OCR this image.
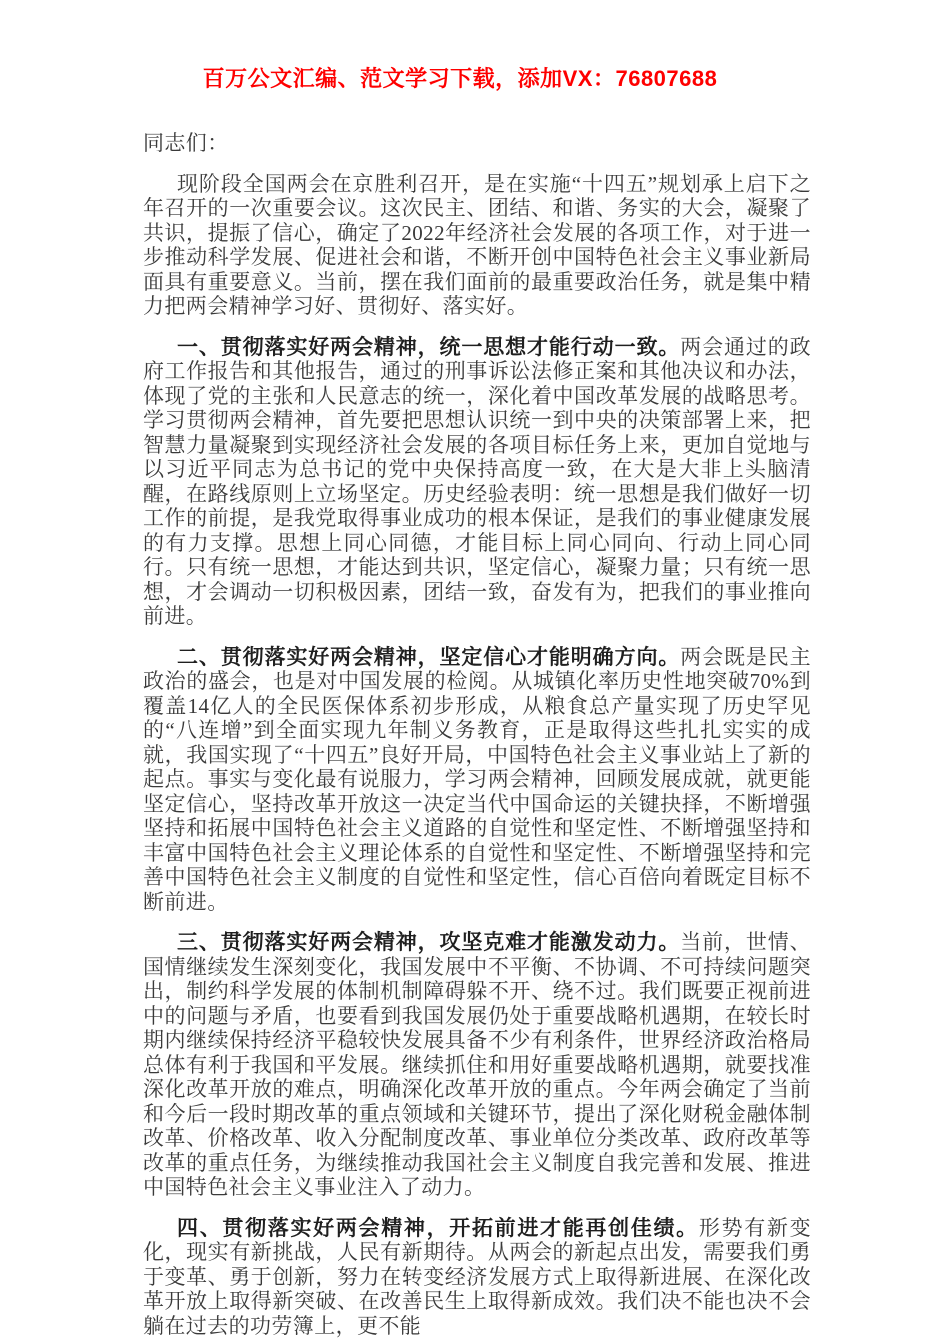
百万公文汇编、范文学习下载，添加VX：76807688

同志们：

现阶段全国两会在京胜利召开，是在实施“十四五”规划承上启下之年召开的一次重要会议。这次民主、团结、和谐、务实的大会，凝聚了共识，提振了信心，确定了2022年经济社会发展的各项工作，对于进一步推动科学发展、促进社会和谐，不断开创中国特色社会主义事业新局面具有重要意义。当前，摆在我们面前的最重要政治任务，就是集中精力把两会精神学习好、贯彻好、落实好。

一、贯彻落实好两会精神，统一思想才能行动一致。两会通过的政府工作报告和其他报告，通过的刑事诉讼法修正案和其他决议和办法，体现了党的主张和人民意志的统一，深化着中国改革发展的战略思考。学习贯彻两会精神，首先要把思想认识统一到中央的决策部署上来，把智慧力量凝聚到实现经济社会发展的各项目标任务上来，更加自觉地与以习近平同志为总书记的党中央保持高度一致，在大是大非上头脑清醒，在路线原则上立场坚定。历史经验表明：统一思想是我们做好一切工作的前提，是我党取得事业成功的根本保证，是我们的事业健康发展的有力支撑。思想上同心同德，才能目标上同心同向、行动上同心同行。只有统一思想，才能达到共识，坚定信心，凝聚力量；只有统一思想，才会调动一切积极因素，团结一致，奋发有为，把我们的事业推向前进。

二、贯彻落实好两会精神，坚定信心才能明确方向。两会既是民主政治的盛会，也是对中国发展的检阅。从城镇化率历史性地突破70%到覆盖14亿人的全民医保体系初步形成，从粮食总产量实现了历史罕见的“八连增”到全面实现九年制义务教育，正是取得这些扎扎实实的成就，我国实现了“十四五”良好开局，中国特色社会主义事业站上了新的起点。事实与变化最有说服力，学习两会精神，回顾发展成就，就更能坚定信心，坚持改革开放这一决定当代中国命运的关键抉择，不断增强坚持和拓展中国特色社会主义道路的自觉性和坚定性、不断增强坚持和丰富中国特色社会主义理论体系的自觉性和坚定性、不断增强坚持和完善中国特色社会主义制度的自觉性和坚定性，信心百倍向着既定目标不断前进。

三、贯彻落实好两会精神，攻坚克难才能激发动力。当前，世情、国情继续发生深刻变化，我国发展中不平衡、不协调、不可持续问题突出，制约科学发展的体制机制障碍躲不开、绕不过。我们既要正视前进中的问题与矛盾，也要看到我国发展仍处于重要战略机遇期，在较长时期内继续保持经济平稳较快发展具备不少有利条件，世界经济政治格局总体有利于我国和平发展。继续抓住和用好重要战略机遇期，就要找准深化改革开放的难点，明确深化改革开放的重点。今年两会确定了当前和今后一段时期改革的重点领域和关键环节，提出了深化财税金融体制改革、价格改革、收入分配制度改革、事业单位分类改革、政府改革等改革的重点任务，为继续推动我国社会主义制度自我完善和发展、推进中国特色社会主义事业注入了动力。

四、贯彻落实好两会精神，开拓前进才能再创佳绩。形势有新变化，现实有新挑战，人民有新期待。从两会的新起点出发，需要我们勇于变革、勇于创新，努力在转变经济发展方式上取得新进展、在深化改革开放上取得新突破、在改善民生上取得新成效。我们决不能也决不会躺在过去的功劳簿上，更不能
